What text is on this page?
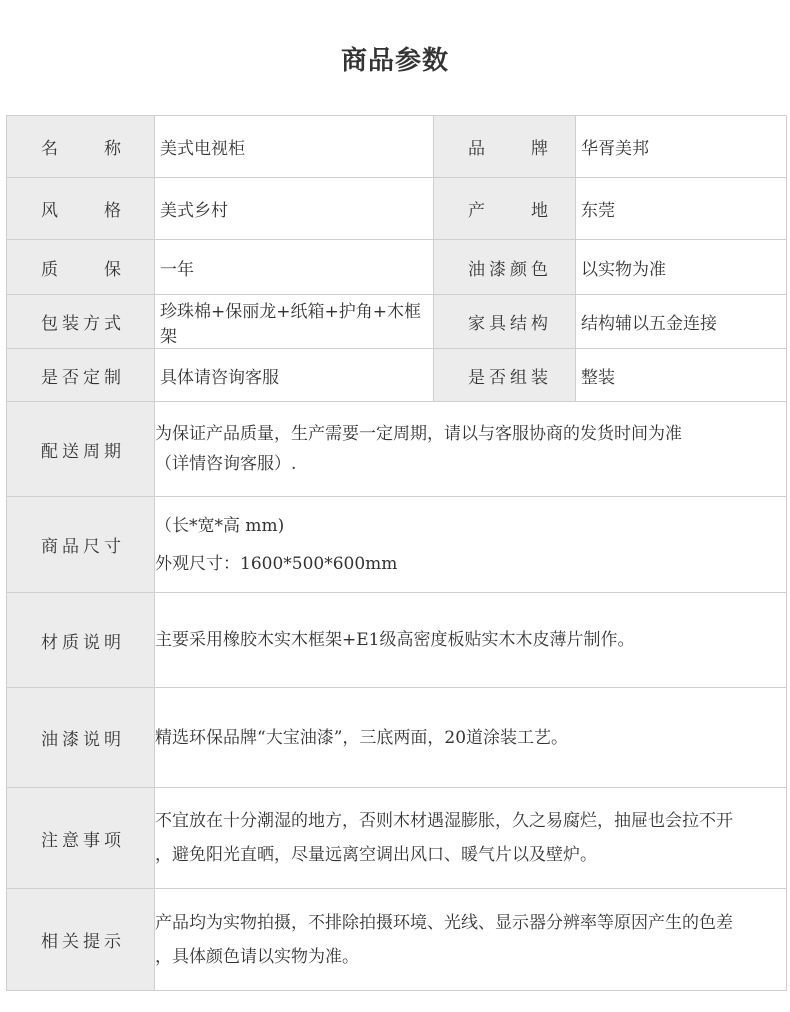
商品参数
名称	美式电视柜	品牌	华胥美邦
风格	美式乡村	产地	东莞
质保	一年	油漆颜色	以实物为准
包装方式	珍珠棉+保丽龙+纸箱+护角+木框架	家具结构	结构辅以五金连接
是否定制	具体请咨询客服	是否组装	整装
配送周期	为保证产品质量，生产需要一定周期，请以与客服协商的发货时间为准
（详情咨询客服）.		

商品尺寸	（长*宽*高 mm)
外观尺寸：1600*500*600mm		

材质说明	主要采用橡胶木实木框架+E1级高密度板贴实木木皮薄片制作。		

油漆说明	精选环保品牌“大宝油漆”，三底两面，20道涂装工艺。		

注意事项	不宜放在十分潮湿的地方，否则木材遇湿膨胀，久之易腐烂，抽屉也会拉不开
，避免阳光直晒，尽量远离空调出风口、暖气片以及壁炉。		

相关提示	产品均为实物拍摄，不排除拍摄环境、光线、显示器分辨率等原因产生的色差
，具体颜色请以实物为准。		
